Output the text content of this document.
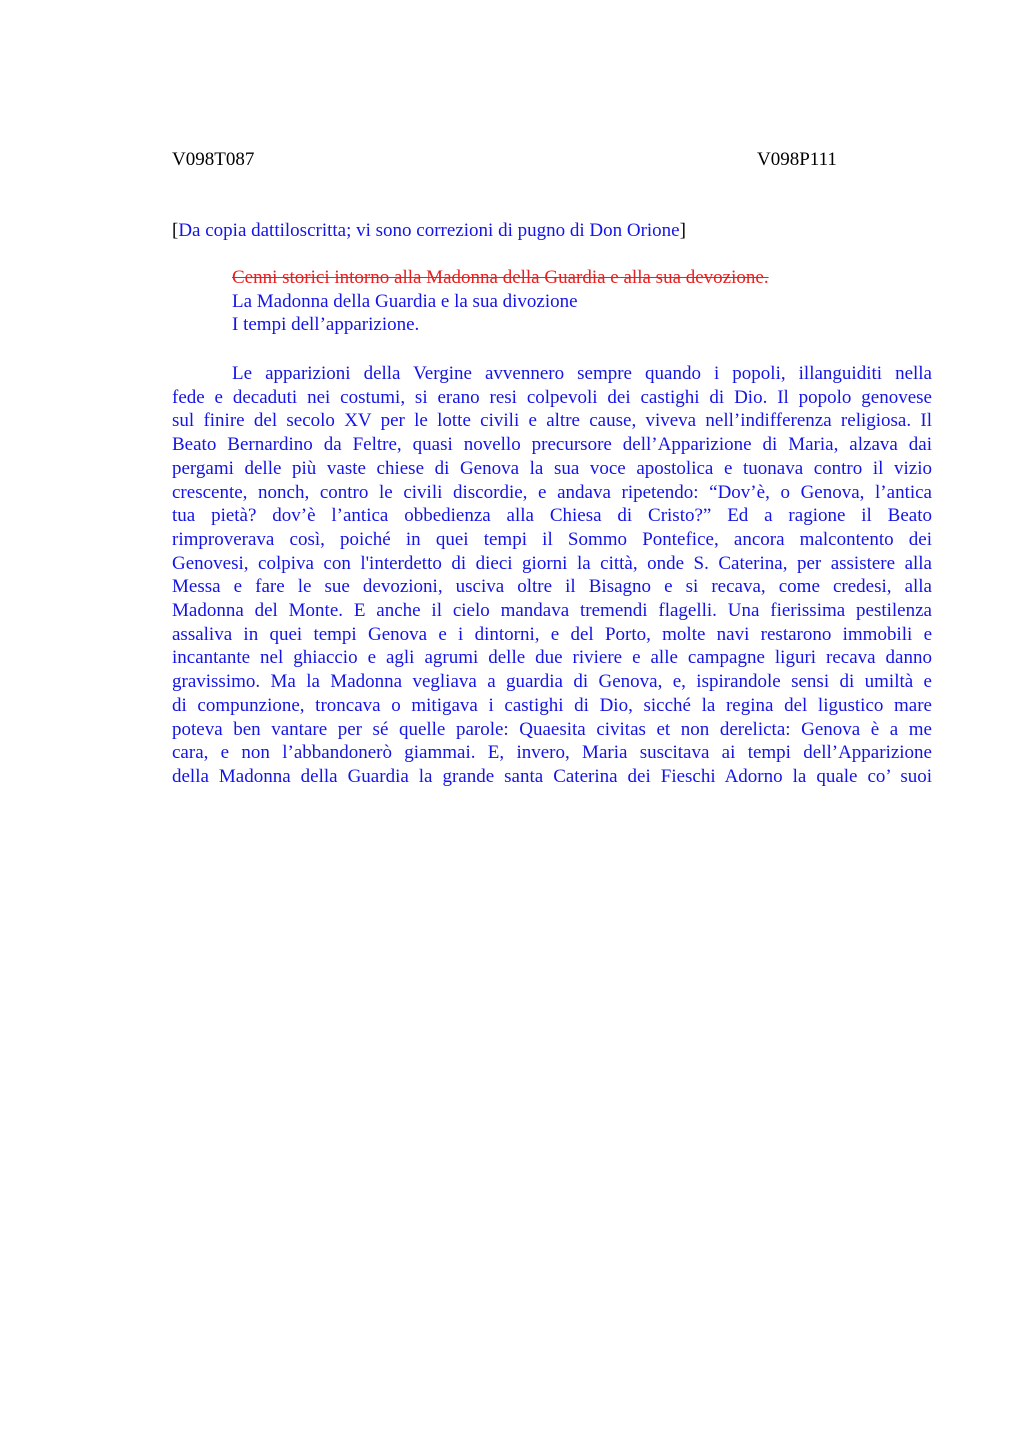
V098T087	V098P111
[Da copia dattiloscritta; vi sono correzioni di pugno di Don Orione]
Cenni storici intorno alla Madonna della Guardia e alla sua devozione.
La Madonna della Guardia e la sua divozione
I tempi dell’apparizione.
Le apparizioni della Vergine avvennero sempre quando i popoli, illanguiditi nella
fede e decaduti nei costumi, si erano resi colpevoli dei castighi di Dio. Il popolo genovese
sul finire del secolo XV per le lotte civili e altre cause, viveva nell’indifferenza religiosa. Il
Beato Bernardino da Feltre, quasi novello precursore dell’Apparizione di Maria, alzava dai
pergami delle più vaste chiese di Genova la sua voce apostolica e tuonava contro il vizio
crescente, nonch, contro le civili discordie, e andava ripetendo: “Dov’è, o Genova, l’antica
tua pietà? dov’è l’antica obbedienza alla Chiesa di Cristo?” Ed a ragione il Beato
rimproverava così, poiché in quei tempi il Sommo Pontefice, ancora malcontento dei
Genovesi, colpiva con l'interdetto di dieci giorni la città, onde S. Caterina, per assistere alla
Messa e fare le sue devozioni, usciva oltre il Bisagno e si recava, come credesi, alla
Madonna del Monte. E anche il cielo mandava tremendi flagelli. Una fierissima pestilenza
assaliva in quei tempi Genova e i dintorni, e del Porto, molte navi restarono immobili e
incantante nel ghiaccio e agli agrumi delle due riviere e alle campagne liguri recava danno
gravissimo. Ma la Madonna vegliava a guardia di Genova, e, ispirandole sensi di umiltà e
di compunzione, troncava o mitigava i castighi di Dio, sicché la regina del ligustico mare
poteva ben vantare per sé quelle parole: Quaesita civitas et non derelicta: Genova è a me
cara, e non l’abbandonerò giammai. E, invero, Maria suscitava ai tempi dell’Apparizione
della Madonna della Guardia la grande santa Caterina dei Fieschi Adorno la quale co’ suoi
